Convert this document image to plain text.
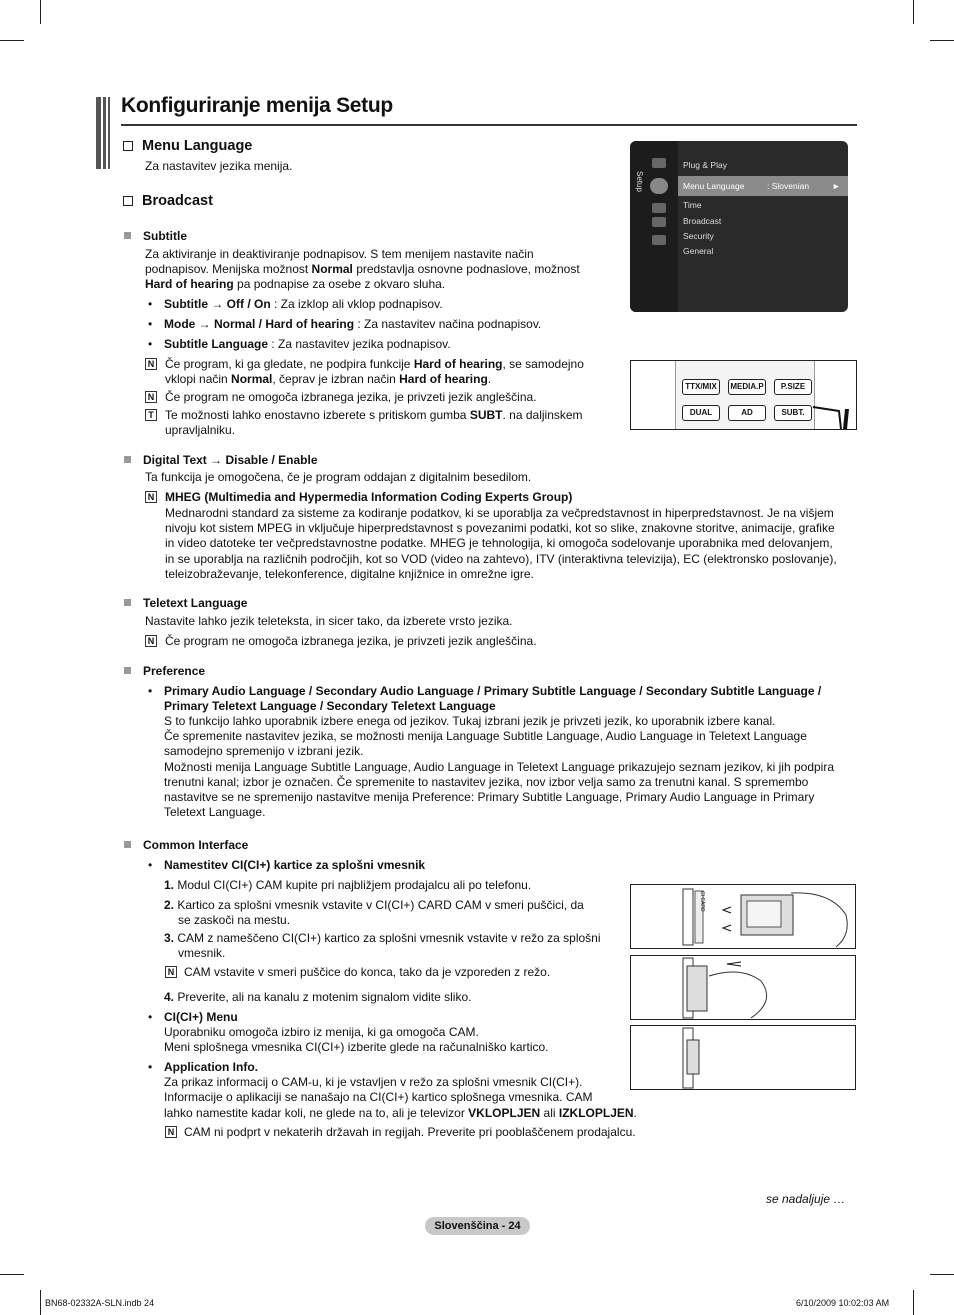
Konfiguriranje menija Setup
Menu Language
Za nastavitev jezika menija.
Broadcast
Subtitle
Za aktiviranje in deaktiviranje podnapisov. S tem menijem nastavite način
podnapisov. Menijska možnost Normal predstavlja osnovne podnaslove, možnost
Hard of hearing pa podnapise za osebe z okvaro sluha.
• Subtitle → Off / On : Za izklop ali vklop podnapisov.
• Mode → Normal / Hard of hearing : Za nastavitev načina podnapisov.
• Subtitle Language : Za nastavitev jezika podnapisov.
N Če program, ki ga gledate, ne podpira funkcije Hard of hearing, se samodejno
vklopi način Normal, čeprav je izbran način Hard of hearing.
N Če program ne omogoča izbranega jezika, je privzeti jezik angleščina.
T Te možnosti lahko enostavno izberete s pritiskom gumba SUBT. na daljinskem
upravljalniku.
Digital Text → Disable / Enable
Ta funkcija je omogočena, če je program oddajan z digitalnim besedilom.
N MHEG (Multimedia and Hypermedia Information Coding Experts Group)
Mednarodni standard za sisteme za kodiranje podatkov, ki se uporablja za večpredstavnost in hiperpredstavnost. Je na višjem
nivoju kot sistem MPEG in vključuje hiperpredstavnost s povezanimi podatki, kot so slike, znakovne storitve, animacije, grafike
in video datoteke ter večpredstavnostne podatke. MHEG je tehnologija, ki omogoča sodelovanje uporabnika med delovanjem,
in se uporablja na različnih področjih, kot so VOD (video na zahtevo), ITV (interaktivna televizija), EC (elektronsko poslovanje),
teleizobraževanje, telekonference, digitalne knjižnice in omrežne igre.
Teletext Language
Nastavite lahko jezik teleteksta, in sicer tako, da izberete vrsto jezika.
N Če program ne omogoča izbranega jezika, je privzeti jezik angleščina.
Preference
• Primary Audio Language / Secondary Audio Language / Primary Subtitle Language / Secondary Subtitle Language /
Primary Teletext Language / Secondary Teletext Language
S to funkcijo lahko uporabnik izbere enega od jezikov. Tukaj izbrani jezik je privzeti jezik, ko uporabnik izbere kanal.
Če spremenite nastavitev jezika, se možnosti menija Language Subtitle Language, Audio Language in Teletext Language
samodejno spremenijo v izbrani jezik.
Možnosti menija Language Subtitle Language, Audio Language in Teletext Language prikazujejo seznam jezikov, ki jih podpira
trenutni kanal; izbor je označen. Če spremenite to nastavitev jezika, nov izbor velja samo za trenutni kanal. S spremembo
nastavitve se ne spremenijo nastavitve menija Preference: Primary Subtitle Language, Primary Audio Language in Primary
Teletext Language.
Common Interface
• Namestitev CI(CI+) kartice za splošni vmesnik
1. Modul CI(CI+) CAM kupite pri najbližjem prodajalcu ali po telefonu.
2. Kartico za splošni vmesnik vstavite v CI(CI+) CARD CAM v smeri puščici, da
se zaskoči na mestu.
3. CAM z nameščeno CI(CI+) kartico za splošni vmesnik vstavite v režo za splošni
vmesnik.
N CAM vstavite v smeri puščice do konca, tako da je vzporeden z režo.
4. Preverite, ali na kanalu z motenim signalom vidite sliko.
• CI(CI+) Menu
Uporabniku omogoča izbiro iz menija, ki ga omogoča CAM.
Meni splošnega vmesnika CI(CI+) izberite glede na računalniško kartico.
• Application Info.
Za prikaz informacij o CAM-u, ki je vstavljen v režo za splošni vmesnik CI(CI+).
Informacije o aplikaciji se nanašajo na CI(CI+) kartico splošnega vmesnika. CAM
lahko namestite kadar koli, ne glede na to, ali je televizor VKLOPLJEN ali IZKLOPLJEN.
N CAM ni podprt v nekaterih državah in regijah. Preverite pri pooblaščenem prodajalcu.
Setup
Plug & Play
Menu Language	: Slovenian	►
Time
Broadcast
Security
General
TTX/MIX	MEDIA.P	P.SIZE
DUAL	AD	SUBT.
CI CARD
se nadaljuje …
Slovenščina - 24
BN68-02332A-SLN.indb 24	6/10/2009 10:02:03 AM
